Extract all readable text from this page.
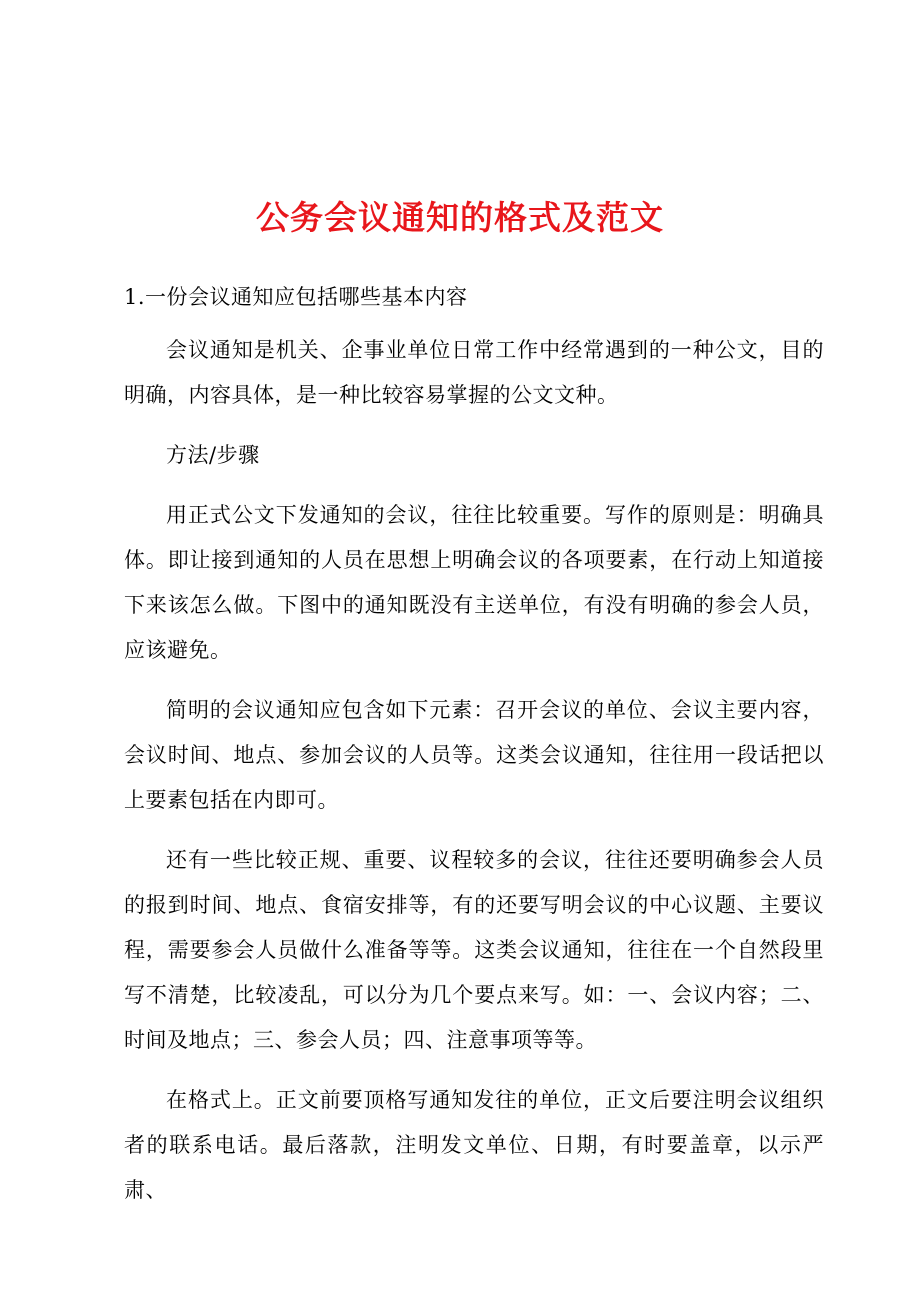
公务会议通知的格式及范文

1.一份会议通知应包括哪些基本内容

会议通知是机关、企事业单位日常工作中经常遇到的一种公文，目的明确，内容具体，是一种比较容易掌握的公文文种。

方法/步骤

用正式公文下发通知的会议，往往比较重要。写作的原则是：明确具体。即让接到通知的人员在思想上明确会议的各项要素，在行动上知道接下来该怎么做。下图中的通知既没有主送单位，有没有明确的参会人员，应该避免。

简明的会议通知应包含如下元素：召开会议的单位、会议主要内容，会议时间、地点、参加会议的人员等。这类会议通知，往往用一段话把以上要素包括在内即可。

还有一些比较正规、重要、议程较多的会议，往往还要明确参会人员的报到时间、地点、食宿安排等，有的还要写明会议的中心议题、主要议程，需要参会人员做什么准备等等。这类会议通知，往往在一个自然段里写不清楚，比较凌乱，可以分为几个要点来写。如：一、会议内容；二、时间及地点；三、参会人员；四、注意事项等等。

在格式上。正文前要顶格写通知发往的单位，正文后要注明会议组织者的联系电话。最后落款，注明发文单位、日期，有时要盖章，以示严肃、
